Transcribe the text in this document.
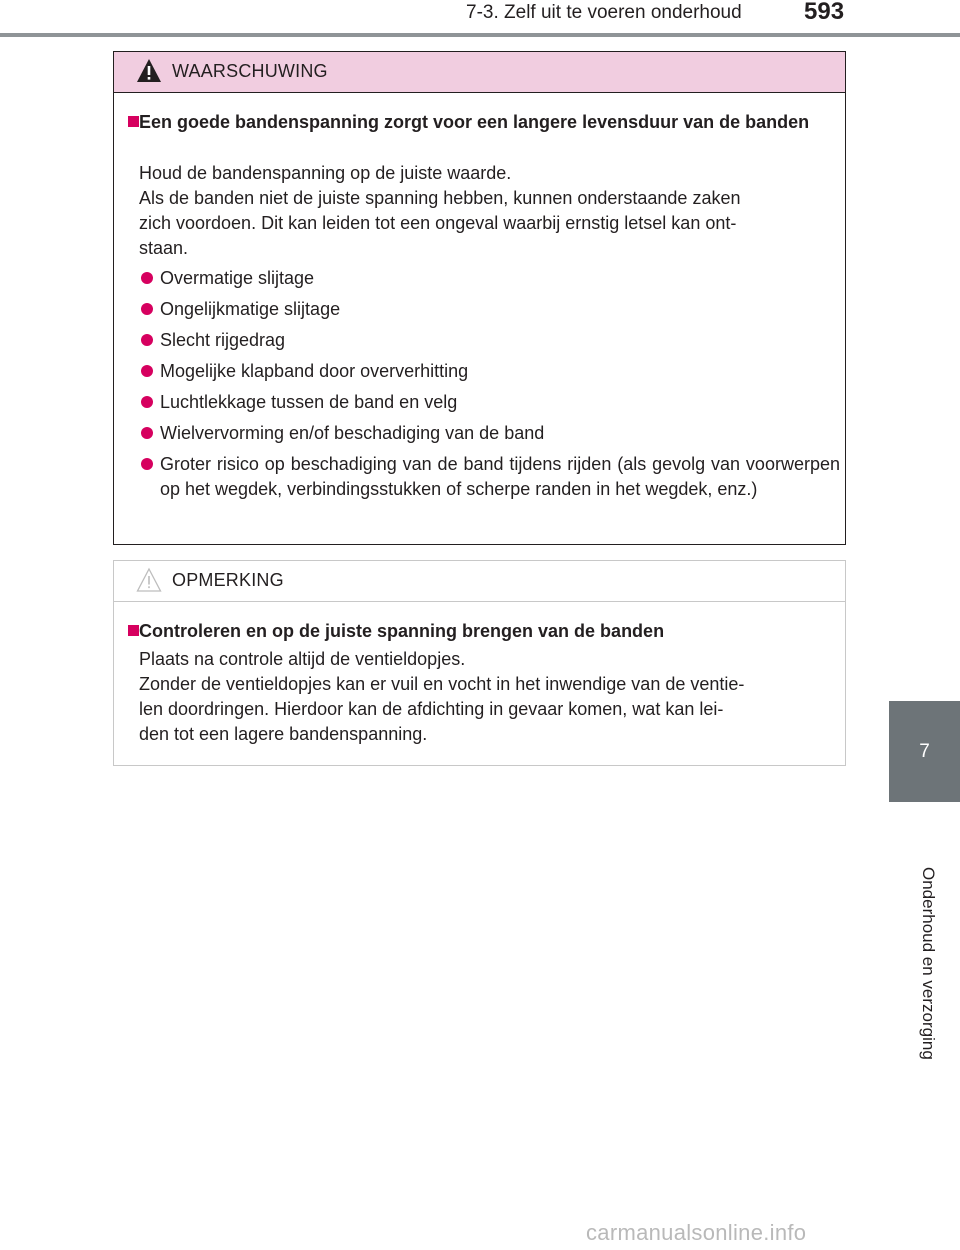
7-3. Zelf uit te voeren onderhoud	593
7
Onderhoud en verzorging
WAARSCHUWING
Een goede bandenspanning zorgt voor een langere levensduur van de banden
Houd de bandenspanning op de juiste waarde.
Als de banden niet de juiste spanning hebben, kunnen onderstaande zaken
zich voordoen. Dit kan leiden tot een ongeval waarbij ernstig letsel kan ont-
staan.
Overmatige slijtage
Ongelijkmatige slijtage
Slecht rijgedrag
Mogelijke klapband door oververhitting
Luchtlekkage tussen de band en velg
Wielvervorming en/of beschadiging van de band
Groter risico op beschadiging van de band tijdens rijden (als gevolg van voorwerpen op het wegdek, verbindingsstukken of scherpe randen in het wegdek, enz.)
OPMERKING
Controleren en op de juiste spanning brengen van de banden
Plaats na controle altijd de ventieldopjes.
Zonder de ventieldopjes kan er vuil en vocht in het inwendige van de ventie-
len doordringen. Hierdoor kan de afdichting in gevaar komen, wat kan lei-
den tot een lagere bandenspanning.
carmanualsonline.info
